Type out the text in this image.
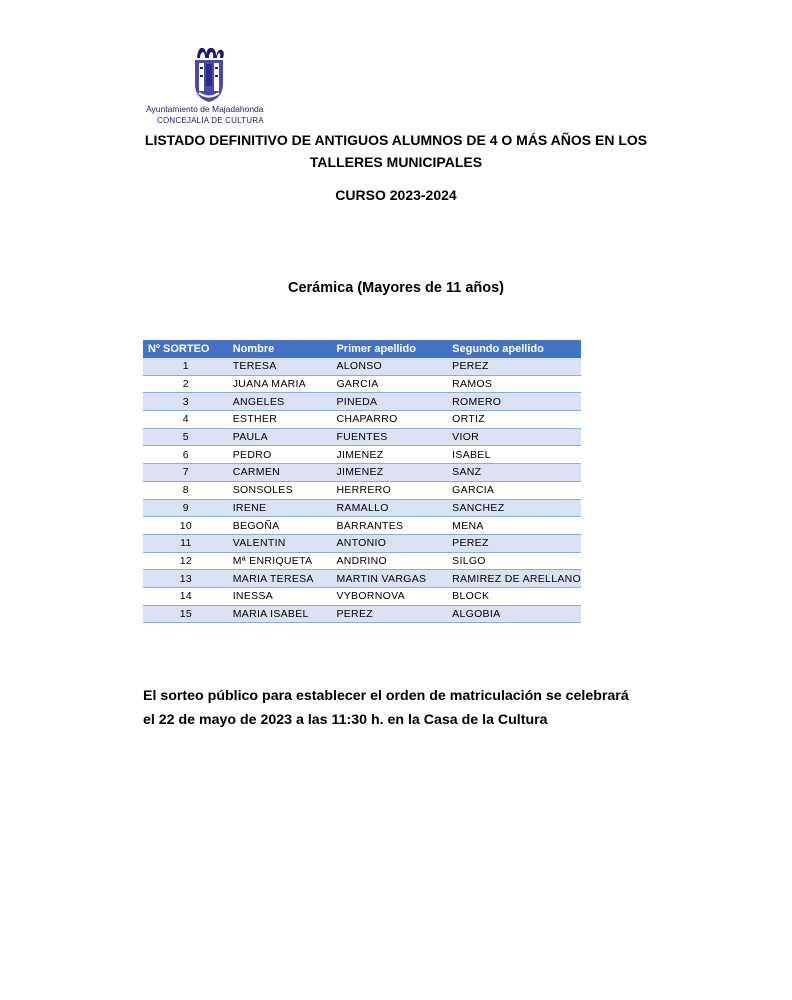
Ayuntamiento de Majadahonda
CONCEJALÍA DE CULTURA
LISTADO DEFINITIVO DE ANTIGUOS ALUMNOS DE 4 O MÁS AÑOS EN LOS
TALLERES MUNICIPALES
CURSO 2023-2024
Cerámica (Mayores de 11 años)
Nº SORTEO	Nombre	Primer apellido	Segundo apellido
1	TERESA	ALONSO	PEREZ
2	JUANA MARIA	GARCIA	RAMOS
3	ANGELES	PINEDA	ROMERO
4	ESTHER	CHAPARRO	ORTIZ
5	PAULA	FUENTES	VIOR
6	PEDRO	JIMENEZ	ISABEL
7	CARMEN	JIMENEZ	SANZ
8	SONSOLES	HERRERO	GARCIA
9	IRENE	RAMALLO	SANCHEZ
10	BEGOÑA	BARRANTES	MENA
11	VALENTIN	ANTONIO	PEREZ
12	Mª ENRIQUETA	ANDRINO	SILGO
13	MARIA TERESA	MARTIN VARGAS	RAMIREZ DE ARELLANO
14	INESSA	VYBORNOVA	BLOCK
15	MARIA ISABEL	PEREZ	ALGOBIA
El sorteo público para establecer el orden de matriculación se celebrará
el 22 de mayo de 2023 a las 11:30 h. en la Casa de la Cultura
